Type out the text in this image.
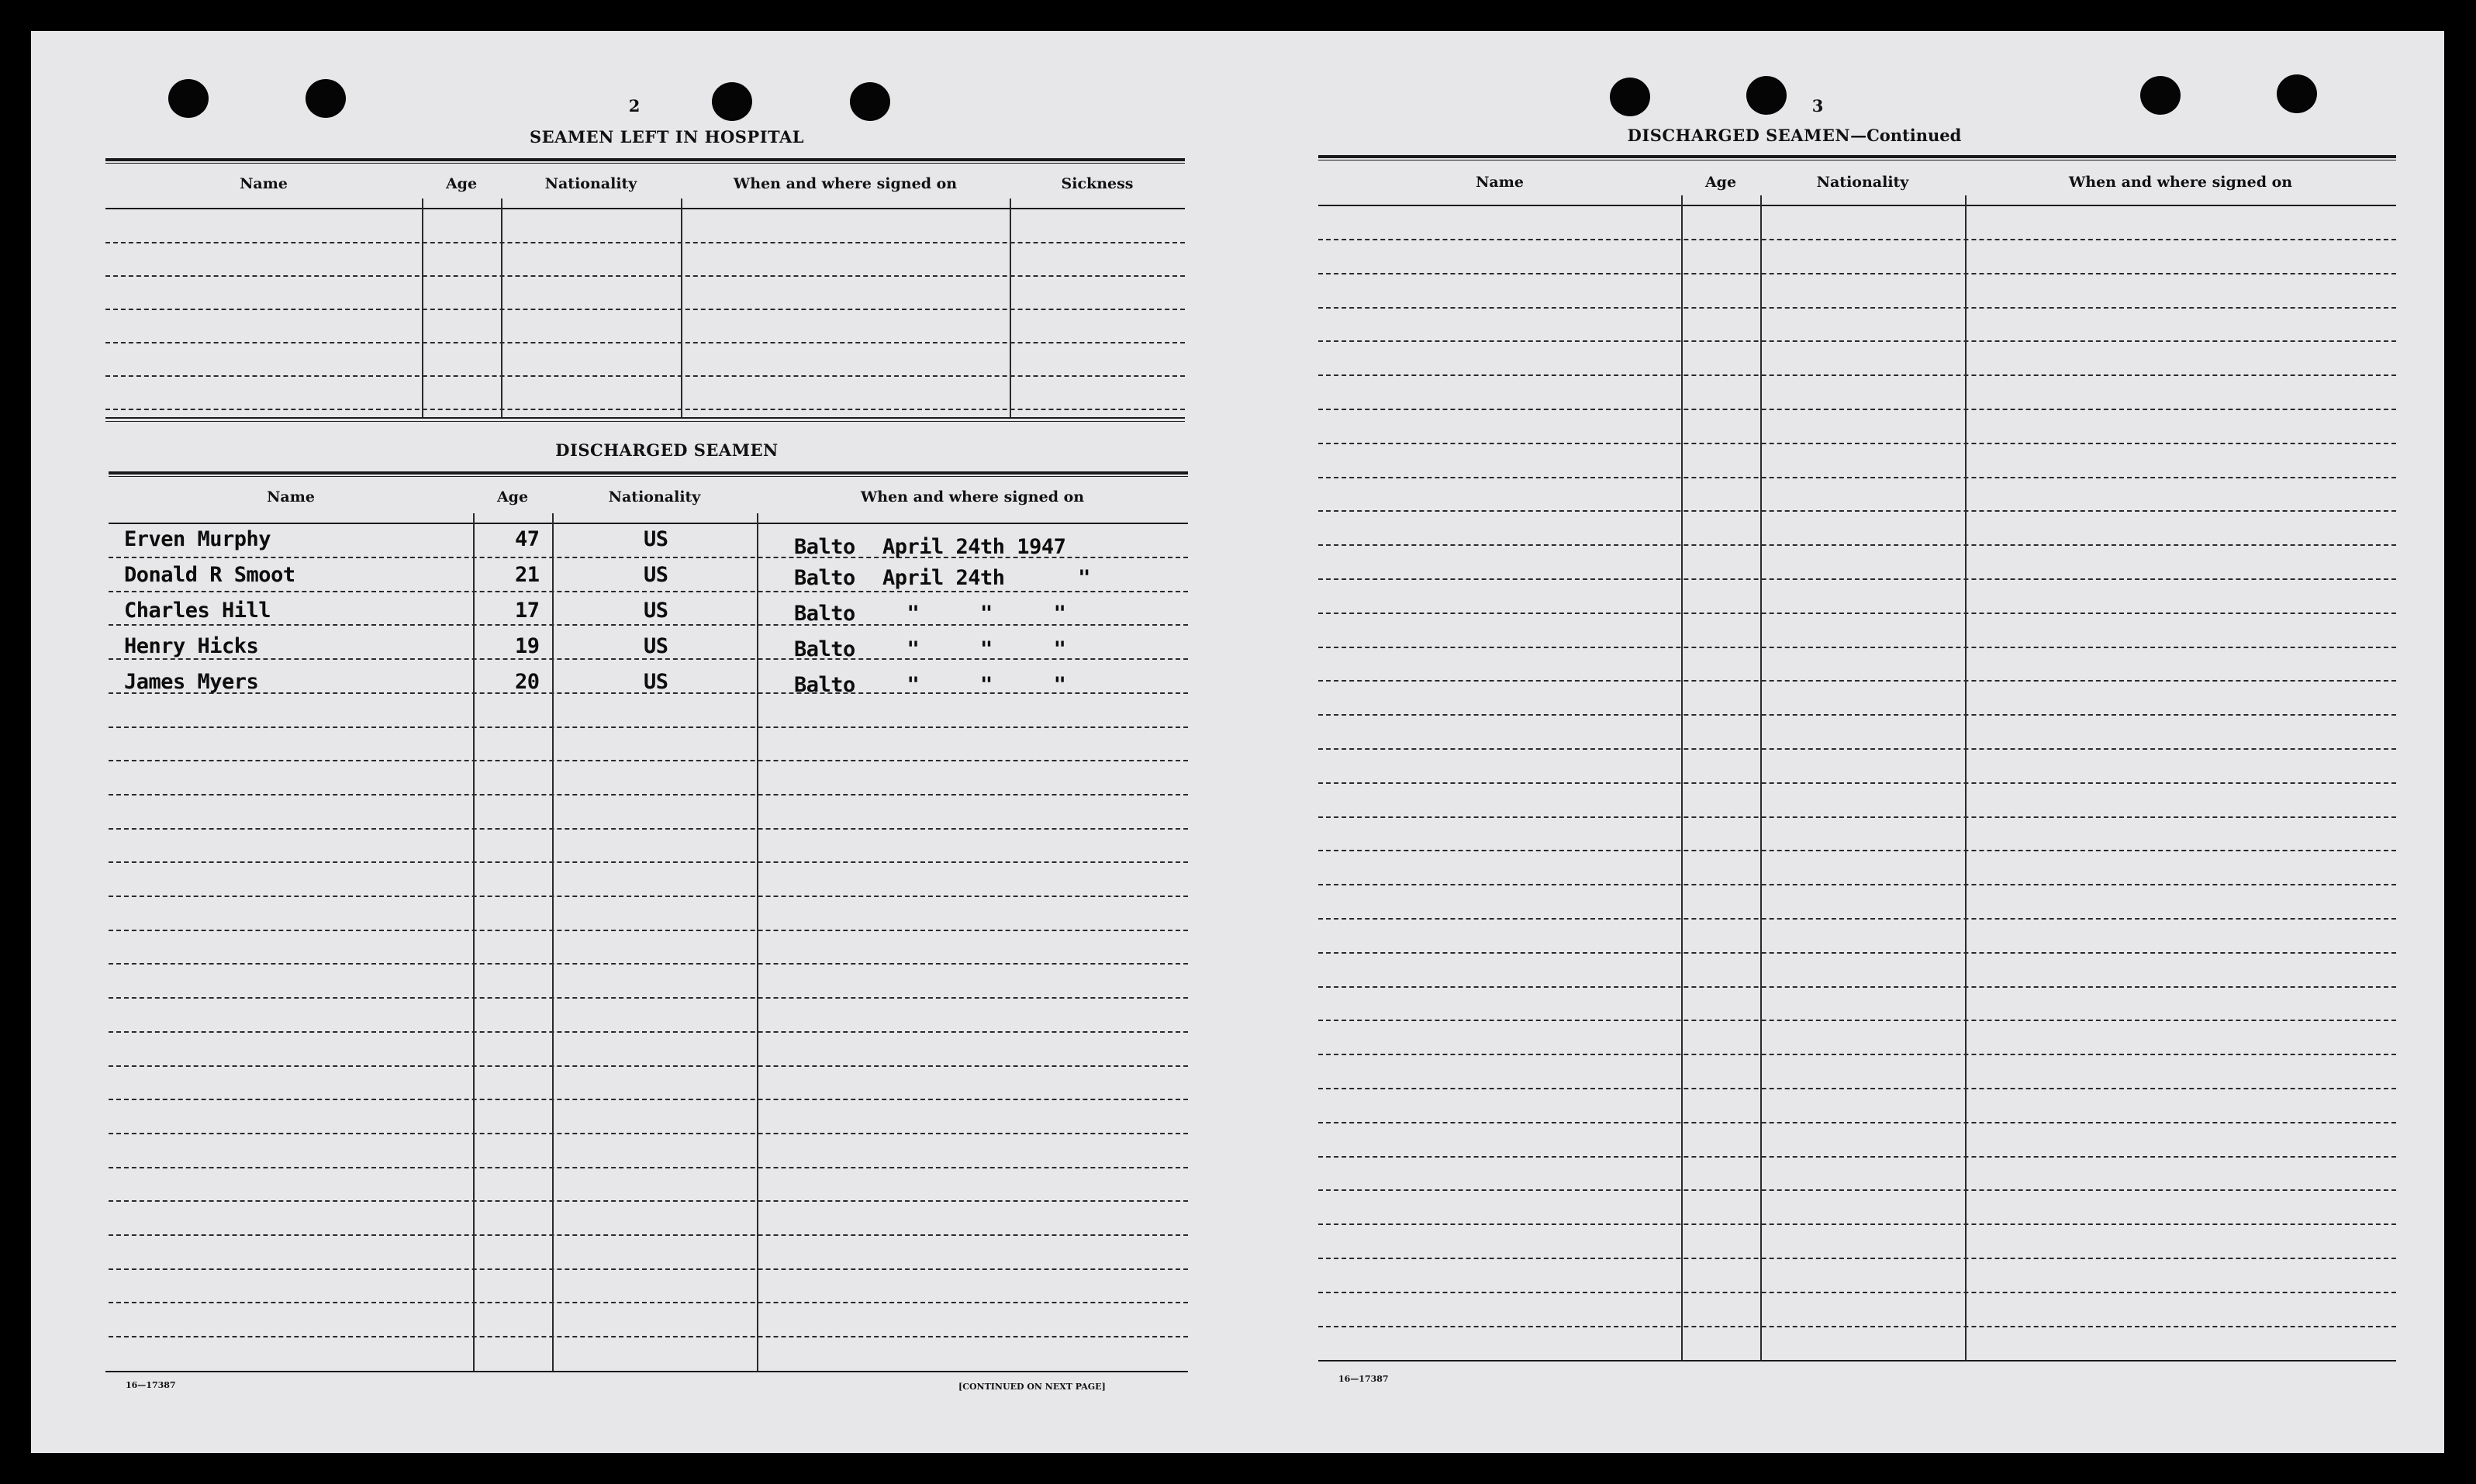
2
SEAMEN LEFT IN HOSPITAL
Name	Age	Nationality	When and where signed on	Sickness
DISCHARGED SEAMEN
Name	Age	Nationality	When and where signed on
Erven Murphy	47	US	Balto April 24th 1947
Donald R Smoot	21	US	Balto April 24th      "
Charles Hill	17	US	Balto "     "     "
Henry Hicks	19	US	Balto "     "     "
James Myers	20	US	Balto "     "     "
16—17387	[CONTINUED ON NEXT PAGE]
3
DISCHARGED SEAMEN—Continued
Name	Age	Nationality	When and where signed on
16—17387
